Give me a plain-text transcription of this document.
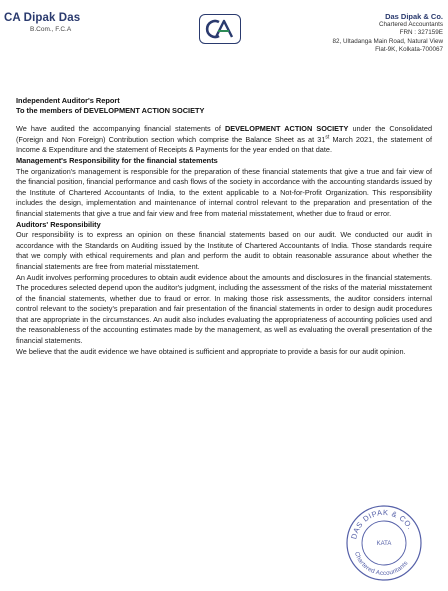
CA Dipak Das
B.Com., F.C.A
Das Dipak & Co.
Chartered Accountants
FRN : 327159E
82, Ultadanga Main Road, Natural View
Flat-9K, Kolkata-700067
Independent Auditor's Report
To the members of DEVELOPMENT ACTION SOCIETY

We have audited the accompanying financial statements of DEVELOPMENT ACTION SOCIETY under the Consolidated (Foreign and Non Foreign) Contribution section which comprise the Balance Sheet as at 31st March 2021, the statement of Income & Expenditure and the statement of Receipts & Payments for the year ended on that date.

Management's Responsibility for the financial statements

The organization's management is responsible for the preparation of these financial statements that give a true and fair view of the financial position, financial performance and cash flows of the society in accordance with the accounting standards issued by the Institute of Chartered Accountants of India, to the extent applicable to a Not-for-Profit Organization. This responsibility includes the design, implementation and maintenance of internal control relevant to the preparation and presentation of the financial statements that give a true and fair view and free from material misstatement, whether due to fraud or error.

Auditors' Responsibility

Our responsibility is to express an opinion on these financial statements based on our audit. We conducted our audit in accordance with the Standards on Auditing issued by the Institute of Chartered Accountants of India. Those standards require that we comply with ethical requirements and plan and perform the audit to obtain reasonable assurance about whether the financial statements are free from material misstatement.

An Audit involves performing procedures to obtain audit evidence about the amounts and disclosures in the financial statements. The procedures selected depend upon the auditor's judgment, including the assessment of the risks of the material misstatement of the financial statements, whether due to fraud or error. In making those risk assessments, the auditor considers internal control relevant to the society's preparation and fair presentation of the financial statements in order to design audit procedures that are appropriate in the circumstances. An audit also includes evaluating the appropriateness of accounting policies used and the reasonableness of the accounting estimates made by the management, as well as evaluating the overall presentation of the financial statements.

We believe that the audit evidence we have obtained is sufficient and appropriate to provide a basis for our audit opinion.

DAS DIPAK & CO.
Chartered Accountants
KATA
